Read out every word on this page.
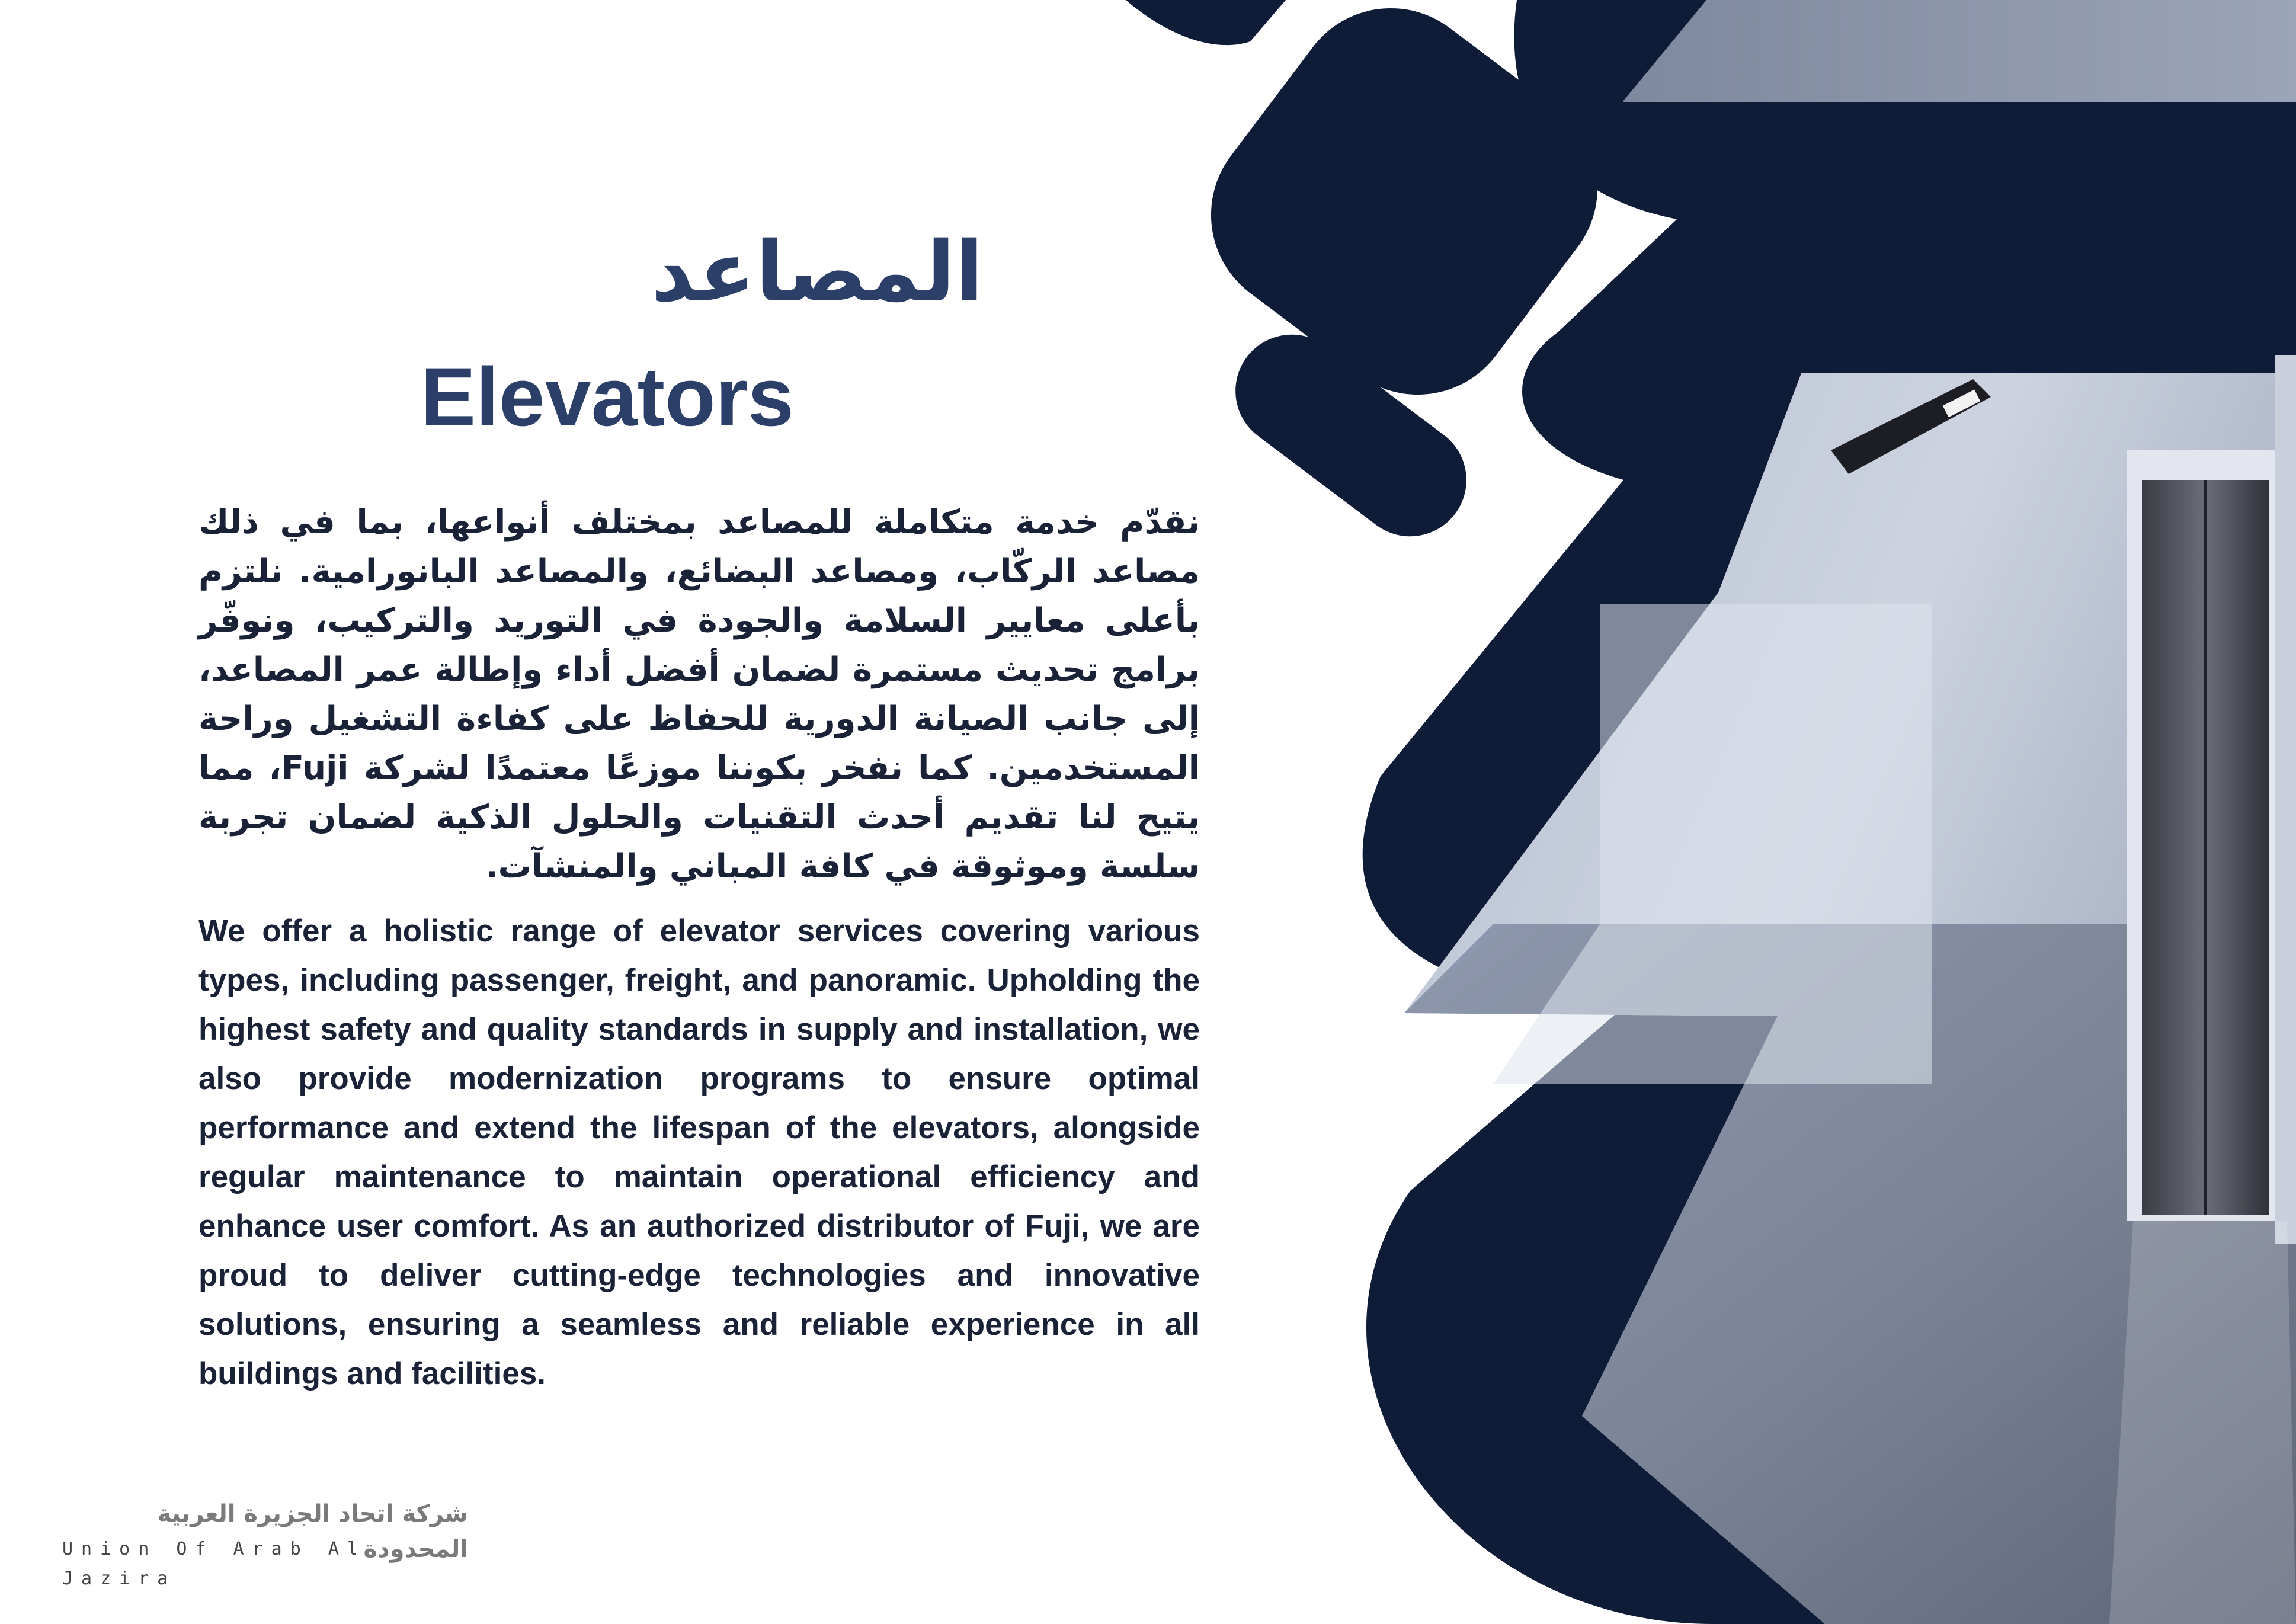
المصاعد
Elevators

نقدّم خدمة متكاملة للمصاعد بمختلف أنواعها، بما في ذلك مصاعد الركّاب، ومصاعد البضائع، والمصاعد البانورامية. نلتزم بأعلى معايير السلامة والجودة في التوريد والتركيب، ونوفّر برامج تحديث مستمرة لضمان أفضل أداء وإطالة عمر المصاعد، إلى جانب الصيانة الدورية للحفاظ على كفاءة التشغيل وراحة المستخدمين. كما نفخر بكوننا موزعًا معتمدًا لشركة Fuji، مما يتيح لنا تقديم أحدث التقنيات والحلول الذكية لضمان تجربة سلسة وموثوقة في كافة المباني والمنشآت.

We offer a holistic range of elevator services covering various types, including passenger, freight, and panoramic. Upholding the highest safety and quality standards in supply and installation, we also provide modernization programs to ensure optimal performance and extend the lifespan of the elevators, alongside regular maintenance to maintain operational efficiency and enhance user comfort. As an authorized distributor of Fuji, we are proud to deliver cutting-edge technologies and innovative solutions, ensuring a seamless and reliable experience in all buildings and facilities.

شركة اتحاد الجزيرة العربية المحدودة
Union Of Arab Al Jazira
